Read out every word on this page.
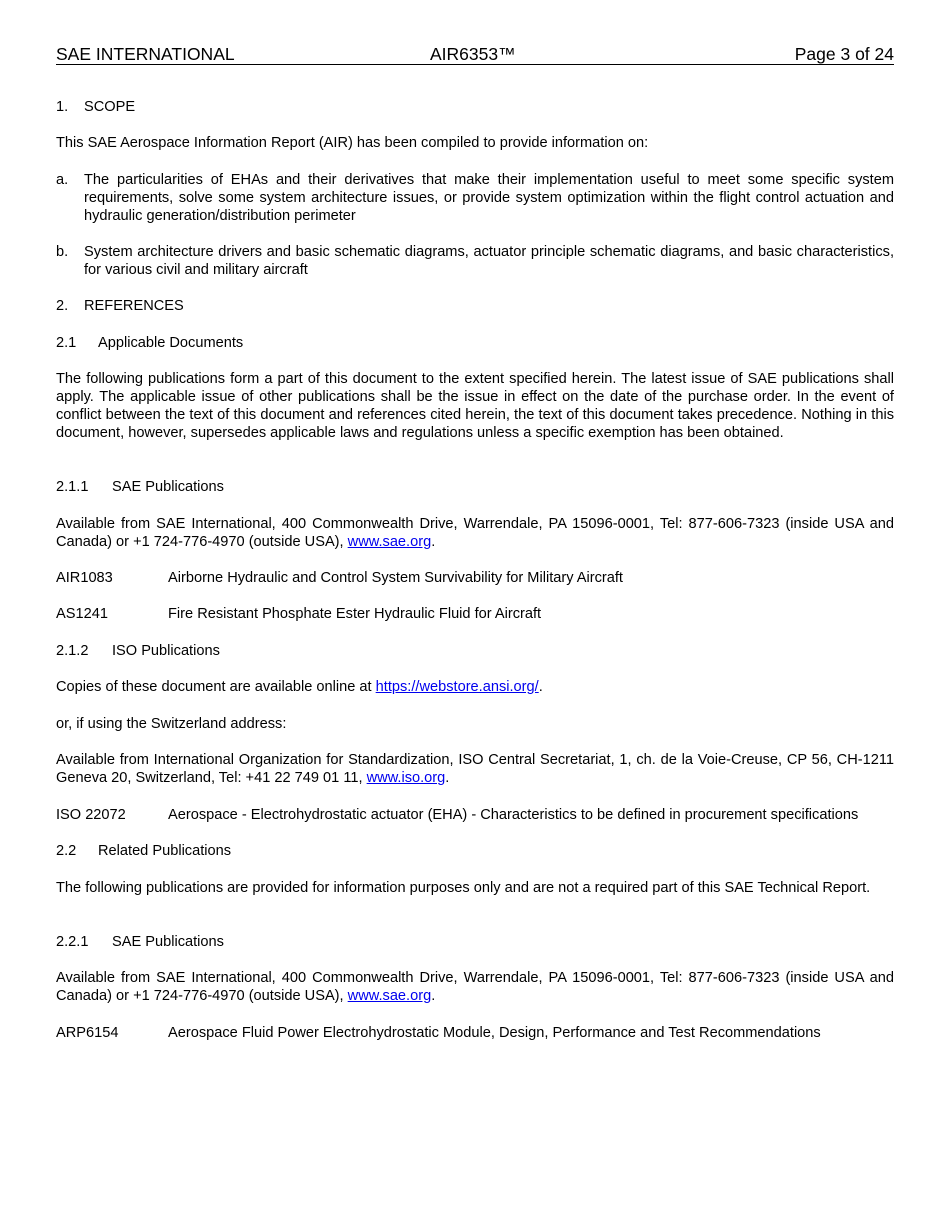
SAE INTERNATIONAL	AIR6353™	Page 3 of 24

1. SCOPE

This SAE Aerospace Information Report (AIR) has been compiled to provide information on:

a. The particularities of EHAs and their derivatives that make their implementation useful to meet some specific system requirements, solve some system architecture issues, or provide system optimization within the flight control actuation and hydraulic generation/distribution perimeter
b. System architecture drivers and basic schematic diagrams, actuator principle schematic diagrams, and basic characteristics, for various civil and military aircraft

2. REFERENCES

2.1 Applicable Documents

The following publications form a part of this document to the extent specified herein. The latest issue of SAE publications shall apply. The applicable issue of other publications shall be the issue in effect on the date of the purchase order. In the event of conflict between the text of this document and references cited herein, the text of this document takes precedence. Nothing in this document, however, supersedes applicable laws and regulations unless a specific exemption has been obtained.

2.1.1 SAE Publications

Available from SAE International, 400 Commonwealth Drive, Warrendale, PA 15096-0001, Tel: 877-606-7323 (inside USA and Canada) or +1 724-776-4970 (outside USA), www.sae.org.

AIR1083	Airborne Hydraulic and Control System Survivability for Military Aircraft
AS1241	Fire Resistant Phosphate Ester Hydraulic Fluid for Aircraft

2.1.2 ISO Publications

Copies of these document are available online at https://webstore.ansi.org/.

or, if using the Switzerland address:

Available from International Organization for Standardization, ISO Central Secretariat, 1, ch. de la Voie-Creuse, CP 56, CH-1211 Geneva 20, Switzerland, Tel: +41 22 749 01 11, www.iso.org.

ISO 22072	Aerospace - Electrohydrostatic actuator (EHA) - Characteristics to be defined in procurement specifications

2.2 Related Publications

The following publications are provided for information purposes only and are not a required part of this SAE Technical Report.

2.2.1 SAE Publications

Available from SAE International, 400 Commonwealth Drive, Warrendale, PA 15096-0001, Tel: 877-606-7323 (inside USA and Canada) or +1 724-776-4970 (outside USA), www.sae.org.

ARP6154	Aerospace Fluid Power Electrohydrostatic Module, Design, Performance and Test Recommendations
